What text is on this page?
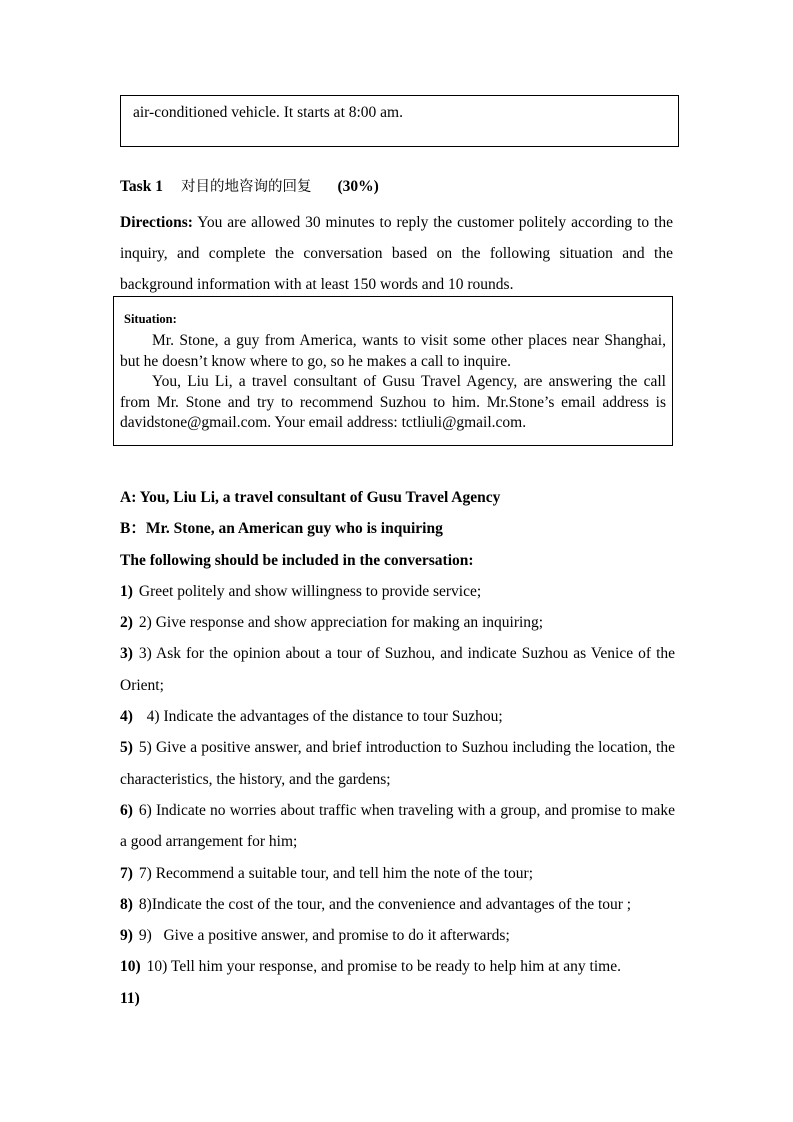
air-conditioned vehicle. It starts at 8:00 am.
Task 1 对目的地咨询的回复 (30%)

Directions: You are allowed 30 minutes to reply the customer politely according to the inquiry, and complete the conversation based on the following situation and the background information with at least 150 words and 10 rounds.

Situation:

Mr. Stone, a guy from America, wants to visit some other places near Shanghai, but he doesn’t know where to go, so he makes a call to inquire.

You, Liu Li, a travel consultant of Gusu Travel Agency, are answering the call from Mr. Stone and try to recommend Suzhou to him. Mr.Stone’s email address is davidstone@gmail.com. Your email address: tctliuli@gmail.com.

A: You, Liu Li, a travel consultant of Gusu Travel Agency
B：Mr. Stone, an American guy who is inquiring
The following should be included in the conversation:
1) Greet politely and show willingness to provide service;
2) 2) Give response and show appreciation for making an inquiring;
3) 3) Ask for the opinion about a tour of Suzhou, and indicate Suzhou as Venice of the Orient;
4)  4) Indicate the advantages of the distance to tour Suzhou;
5) 5) Give a positive answer, and brief introduction to Suzhou including the location, the characteristics, the history, and the gardens;
6) 6) Indicate no worries about traffic when traveling with a group, and promise to make a good arrangement for him;
7) 7) Recommend a suitable tour, and tell him the note of the tour;
8) 8)Indicate the cost of the tour, and the convenience and advantages of the tour ;
9) 9)   Give a positive answer, and promise to do it afterwards;
10) 10) Tell him your response, and promise to be ready to help him at any time.
11)
